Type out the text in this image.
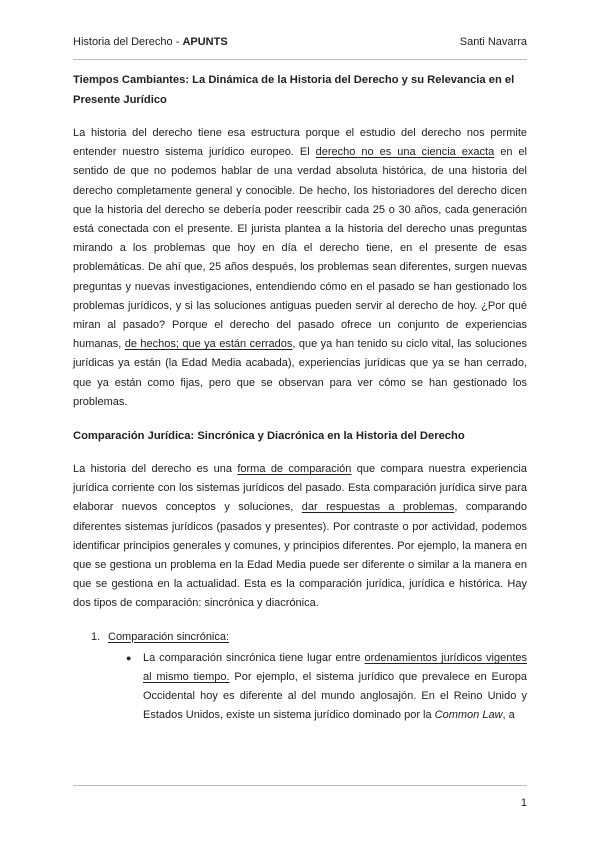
Historia del Derecho - APUNTS	Santi Navarra
Tiempos Cambiantes: La Dinámica de la Historia del Derecho y su Relevancia en el Presente Jurídico

La historia del derecho tiene esa estructura porque el estudio del derecho nos permite entender nuestro sistema jurídico europeo. El derecho no es una ciencia exacta en el sentido de que no podemos hablar de una verdad absoluta histórica, de una historia del derecho completamente general y conocible. De hecho, los historiadores del derecho dicen que la historia del derecho se debería poder reescribir cada 25 o 30 años, cada generación está conectada con el presente. El jurista plantea a la historia del derecho unas preguntas mirando a los problemas que hoy en día el derecho tiene, en el presente de esas problemáticas. De ahí que, 25 años después, los problemas sean diferentes, surgen nuevas preguntas y nuevas investigaciones, entendiendo cómo en el pasado se han gestionado los problemas jurídicos, y si las soluciones antiguas pueden servir al derecho de hoy. ¿Por qué miran al pasado? Porque el derecho del pasado ofrece un conjunto de experiencias humanas, de hechos; que ya están cerrados, que ya han tenido su ciclo vital, las soluciones jurídicas ya están (la Edad Media acabada), experiencias jurídicas que ya se han cerrado, que ya están como fijas, pero que se observan para ver cómo se han gestionado los problemas.

Comparación Jurídica: Sincrónica y Diacrónica en la Historia del Derecho

La historia del derecho es una forma de comparación que compara nuestra experiencia jurídica corriente con los sistemas jurídicos del pasado. Esta comparación jurídica sirve para elaborar nuevos conceptos y soluciones, dar respuestas a problemas, comparando diferentes sistemas jurídicos (pasados y presentes). Por contraste o por actividad, podemos identificar principios generales y comunes, y principios diferentes. Por ejemplo, la manera en que se gestiona un problema en la Edad Media puede ser diferente o similar a la manera en que se gestiona en la actualidad. Esta es la comparación jurídica, jurídica e histórica. Hay dos tipos de comparación: sincrónica y diacrónica.

1. Comparación sincrónica:
●	La comparación sincrónica tiene lugar entre ordenamientos jurídicos vigentes al mismo tiempo. Por ejemplo, el sistema jurídico que prevalece en Europa Occidental hoy es diferente al del mundo anglosajón. En el Reino Unido y Estados Unidos, existe un sistema jurídico dominado por la Common Law, a
1
